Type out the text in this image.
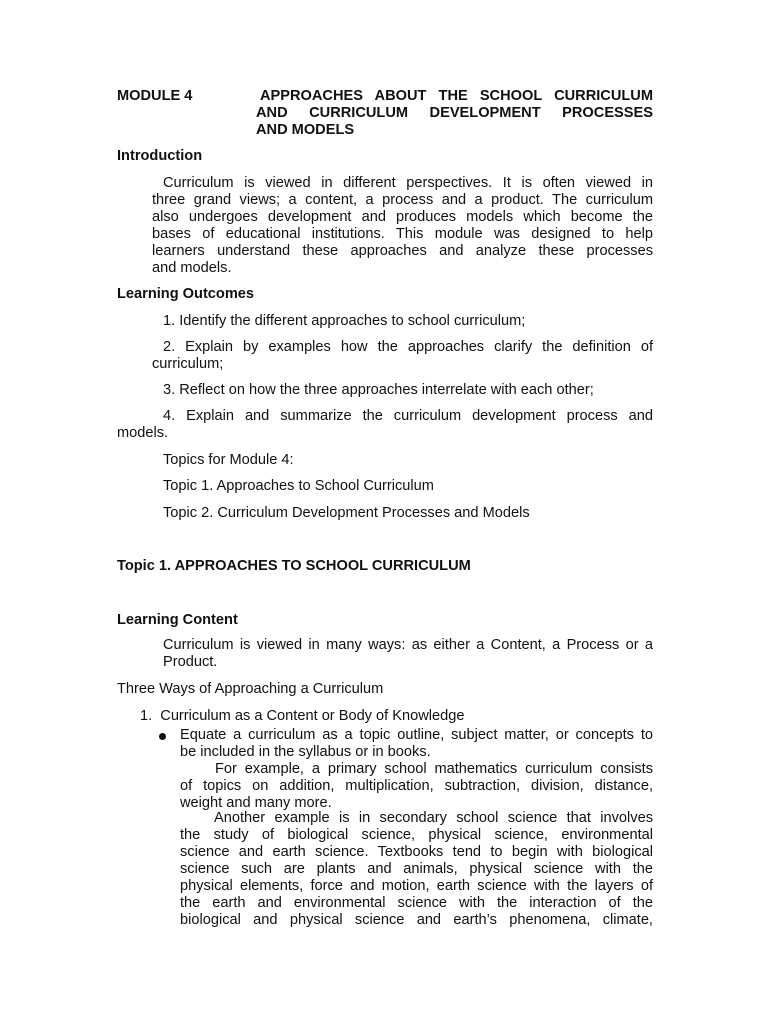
MODULE 4	APPROACHES ABOUT THE SCHOOL CURRICULUM
AND CURRICULUM DEVELOPMENT PROCESSES
AND MODELS
Introduction
Curriculum is viewed in different perspectives. It is often viewed in
three grand views; a content, a process and a product. The curriculum
also undergoes development and produces models which become the
bases of educational institutions. This module was designed to help
learners understand these approaches and analyze these processes
and models.
Learning Outcomes
1. Identify the different approaches to school curriculum;
2. Explain by examples how the approaches clarify the definition of
curriculum;
3. Reflect on how the three approaches interrelate with each other;
4. Explain and summarize the curriculum development process and
models.
Topics for Module 4:
Topic 1. Approaches to School Curriculum
Topic 2. Curriculum Development Processes and Models
Topic 1. APPROACHES TO SCHOOL CURRICULUM
Learning Content
Curriculum is viewed in many ways: as either a Content, a Process or a
Product.
Three Ways of Approaching a Curriculum
1.  Curriculum as a Content or Body of Knowledge
Equate a curriculum as a topic outline, subject matter, or concepts to
be included in the syllabus or in books.
For example, a primary school mathematics curriculum consists
of topics on addition, multiplication, subtraction, division, distance,
weight and many more.
Another example is in secondary school science that involves
the study of biological science, physical science, environmental
science and earth science. Textbooks tend to begin with biological
science such are plants and animals, physical science with the
physical elements, force and motion, earth science with the layers of
the earth and environmental science with the interaction of the
biological and physical science and earth’s phenomena, climate,
